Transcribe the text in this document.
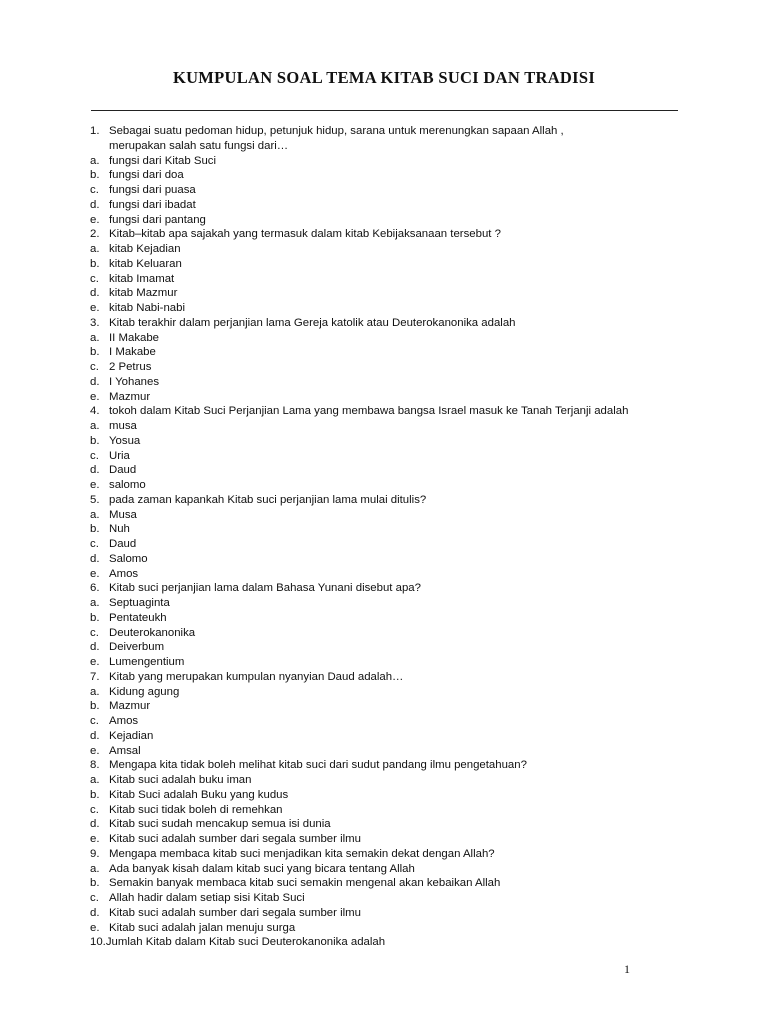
KUMPULAN SOAL TEMA KITAB SUCI DAN TRADISI
1. Sebagai suatu pedoman hidup, petunjuk hidup, sarana untuk merenungkan sapaan Allah ,
merupakan salah satu fungsi dari…
a. fungsi dari Kitab Suci
b. fungsi dari doa
c. fungsi dari puasa
d. fungsi dari ibadat
e. fungsi dari pantang
2. Kitab–kitab apa sajakah yang termasuk dalam kitab Kebijaksanaan tersebut ?
a. kitab Kejadian
b. kitab Keluaran
c. kitab Imamat
d. kitab Mazmur
e. kitab Nabi-nabi
3. Kitab terakhir dalam perjanjian lama Gereja katolik atau Deuterokanonika adalah
a. II Makabe
b. I Makabe
c. 2 Petrus
d. I Yohanes
e. Mazmur
4. tokoh dalam Kitab Suci Perjanjian Lama yang membawa bangsa Israel masuk ke Tanah Terjanji adalah
a. musa
b. Yosua
c. Uria
d. Daud
e. salomo
5. pada zaman kapankah Kitab suci perjanjian lama mulai ditulis?
a. Musa
b. Nuh
c. Daud
d. Salomo
e. Amos
6. Kitab suci perjanjian lama dalam Bahasa Yunani disebut apa?
a. Septuaginta
b. Pentateukh
c. Deuterokanonika
d. Deiverbum
e. Lumengentium
7. Kitab yang merupakan kumpulan nyanyian Daud adalah…
a. Kidung agung
b. Mazmur
c. Amos
d. Kejadian
e. Amsal
8. Mengapa kita tidak boleh melihat kitab suci dari sudut pandang ilmu pengetahuan?
a. Kitab suci adalah buku iman
b. Kitab Suci adalah Buku yang kudus
c. Kitab suci tidak boleh di remehkan
d. Kitab suci sudah mencakup semua isi dunia
e. Kitab suci adalah sumber dari segala sumber ilmu
9. Mengapa membaca kitab suci menjadikan kita semakin dekat dengan Allah?
a. Ada banyak kisah dalam kitab suci yang bicara tentang Allah
b. Semakin banyak membaca kitab suci semakin mengenal akan kebaikan Allah
c. Allah hadir dalam setiap sisi Kitab Suci
d. Kitab suci adalah sumber dari segala sumber ilmu
e. Kitab suci adalah jalan menuju surga
10.Jumlah Kitab dalam Kitab suci Deuterokanonika adalah
1
